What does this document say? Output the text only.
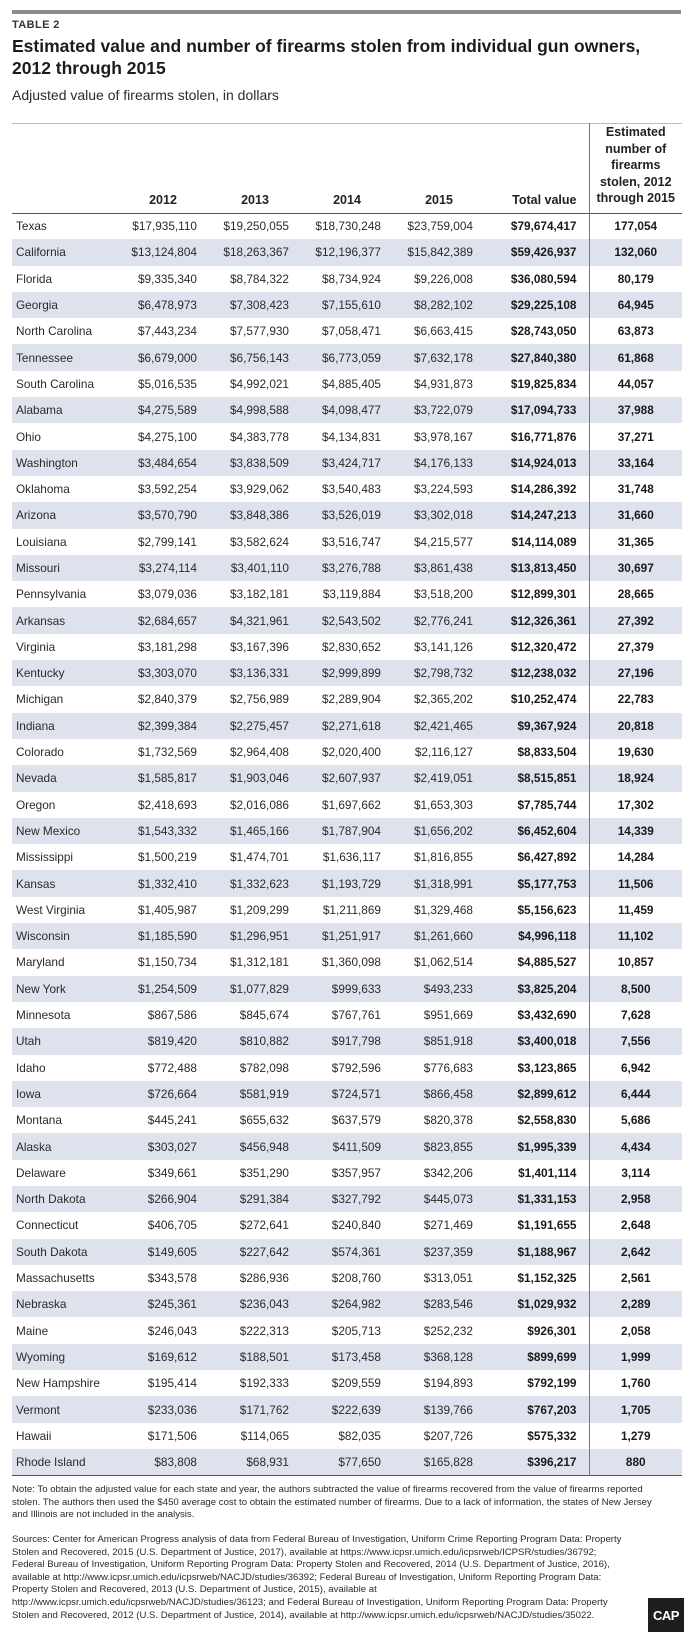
TABLE 2
Estimated value and number of firearms stolen from individual gun owners, 2012 through 2015
Adjusted value of firearms stolen, in dollars
	2012	2013	2014	2015	Total value	Estimated number of firearms stolen, 2012 through 2015
Texas	$17,935,110	$19,250,055	$18,730,248	$23,759,004	$79,674,417	177,054
California	$13,124,804	$18,263,367	$12,196,377	$15,842,389	$59,426,937	132,060
Florida	$9,335,340	$8,784,322	$8,734,924	$9,226,008	$36,080,594	80,179
Georgia	$6,478,973	$7,308,423	$7,155,610	$8,282,102	$29,225,108	64,945
North Carolina	$7,443,234	$7,577,930	$7,058,471	$6,663,415	$28,743,050	63,873
Tennessee	$6,679,000	$6,756,143	$6,773,059	$7,632,178	$27,840,380	61,868
South Carolina	$5,016,535	$4,992,021	$4,885,405	$4,931,873	$19,825,834	44,057
Alabama	$4,275,589	$4,998,588	$4,098,477	$3,722,079	$17,094,733	37,988
Ohio	$4,275,100	$4,383,778	$4,134,831	$3,978,167	$16,771,876	37,271
Washington	$3,484,654	$3,838,509	$3,424,717	$4,176,133	$14,924,013	33,164
Oklahoma	$3,592,254	$3,929,062	$3,540,483	$3,224,593	$14,286,392	31,748
Arizona	$3,570,790	$3,848,386	$3,526,019	$3,302,018	$14,247,213	31,660
Louisiana	$2,799,141	$3,582,624	$3,516,747	$4,215,577	$14,114,089	31,365
Missouri	$3,274,114	$3,401,110	$3,276,788	$3,861,438	$13,813,450	30,697
Pennsylvania	$3,079,036	$3,182,181	$3,119,884	$3,518,200	$12,899,301	28,665
Arkansas	$2,684,657	$4,321,961	$2,543,502	$2,776,241	$12,326,361	27,392
Virginia	$3,181,298	$3,167,396	$2,830,652	$3,141,126	$12,320,472	27,379
Kentucky	$3,303,070	$3,136,331	$2,999,899	$2,798,732	$12,238,032	27,196
Michigan	$2,840,379	$2,756,989	$2,289,904	$2,365,202	$10,252,474	22,783
Indiana	$2,399,384	$2,275,457	$2,271,618	$2,421,465	$9,367,924	20,818
Colorado	$1,732,569	$2,964,408	$2,020,400	$2,116,127	$8,833,504	19,630
Nevada	$1,585,817	$1,903,046	$2,607,937	$2,419,051	$8,515,851	18,924
Oregon	$2,418,693	$2,016,086	$1,697,662	$1,653,303	$7,785,744	17,302
New Mexico	$1,543,332	$1,465,166	$1,787,904	$1,656,202	$6,452,604	14,339
Mississippi	$1,500,219	$1,474,701	$1,636,117	$1,816,855	$6,427,892	14,284
Kansas	$1,332,410	$1,332,623	$1,193,729	$1,318,991	$5,177,753	11,506
West Virginia	$1,405,987	$1,209,299	$1,211,869	$1,329,468	$5,156,623	11,459
Wisconsin	$1,185,590	$1,296,951	$1,251,917	$1,261,660	$4,996,118	11,102
Maryland	$1,150,734	$1,312,181	$1,360,098	$1,062,514	$4,885,527	10,857
New York	$1,254,509	$1,077,829	$999,633	$493,233	$3,825,204	8,500
Minnesota	$867,586	$845,674	$767,761	$951,669	$3,432,690	7,628
Utah	$819,420	$810,882	$917,798	$851,918	$3,400,018	7,556
Idaho	$772,488	$782,098	$792,596	$776,683	$3,123,865	6,942
Iowa	$726,664	$581,919	$724,571	$866,458	$2,899,612	6,444
Montana	$445,241	$655,632	$637,579	$820,378	$2,558,830	5,686
Alaska	$303,027	$456,948	$411,509	$823,855	$1,995,339	4,434
Delaware	$349,661	$351,290	$357,957	$342,206	$1,401,114	3,114
North Dakota	$266,904	$291,384	$327,792	$445,073	$1,331,153	2,958
Connecticut	$406,705	$272,641	$240,840	$271,469	$1,191,655	2,648
South Dakota	$149,605	$227,642	$574,361	$237,359	$1,188,967	2,642
Massachusetts	$343,578	$286,936	$208,760	$313,051	$1,152,325	2,561
Nebraska	$245,361	$236,043	$264,982	$283,546	$1,029,932	2,289
Maine	$246,043	$222,313	$205,713	$252,232	$926,301	2,058
Wyoming	$169,612	$188,501	$173,458	$368,128	$899,699	1,999
New Hampshire	$195,414	$192,333	$209,559	$194,893	$792,199	1,760
Vermont	$233,036	$171,762	$222,639	$139,766	$767,203	1,705
Hawaii	$171,506	$114,065	$82,035	$207,726	$575,332	1,279
Rhode Island	$83,808	$68,931	$77,650	$165,828	$396,217	880
Note: To obtain the adjusted value for each state and year, the authors subtracted the value of firearms recovered from the value of firearms reported stolen. The authors then used the $450 average cost to obtain the estimated number of firearms. Due to a lack of information, the states of New Jersey and Illinois are not included in the analysis.
Sources: Center for American Progress analysis of data from Federal Bureau of Investigation, Uniform Crime Reporting Program Data: Property Stolen and Recovered, 2015 (U.S. Department of Justice, 2017), available at https://www.icpsr.umich.edu/icpsrweb/ICPSR/studies/36792; Federal Bureau of Investigation, Uniform Reporting Program Data: Property Stolen and Recovered, 2014 (U.S. Department of Justice, 2016), available at http://www.icpsr.umich.edu/icpsrweb/NACJD/studies/36392; Federal Bureau of Investigation, Uniform Reporting Program Data: Property Stolen and Recovered, 2013 (U.S. Department of Justice, 2015), available at http://www.icpsr.umich.edu/icpsrweb/NACJD/studies/36123; and Federal Bureau of Investigation, Uniform Reporting Program Data: Property Stolen and Recovered, 2012 (U.S. Department of Justice, 2014), available at http://www.icpsr.umich.edu/icpsrweb/NACJD/studies/35022.	CAP
